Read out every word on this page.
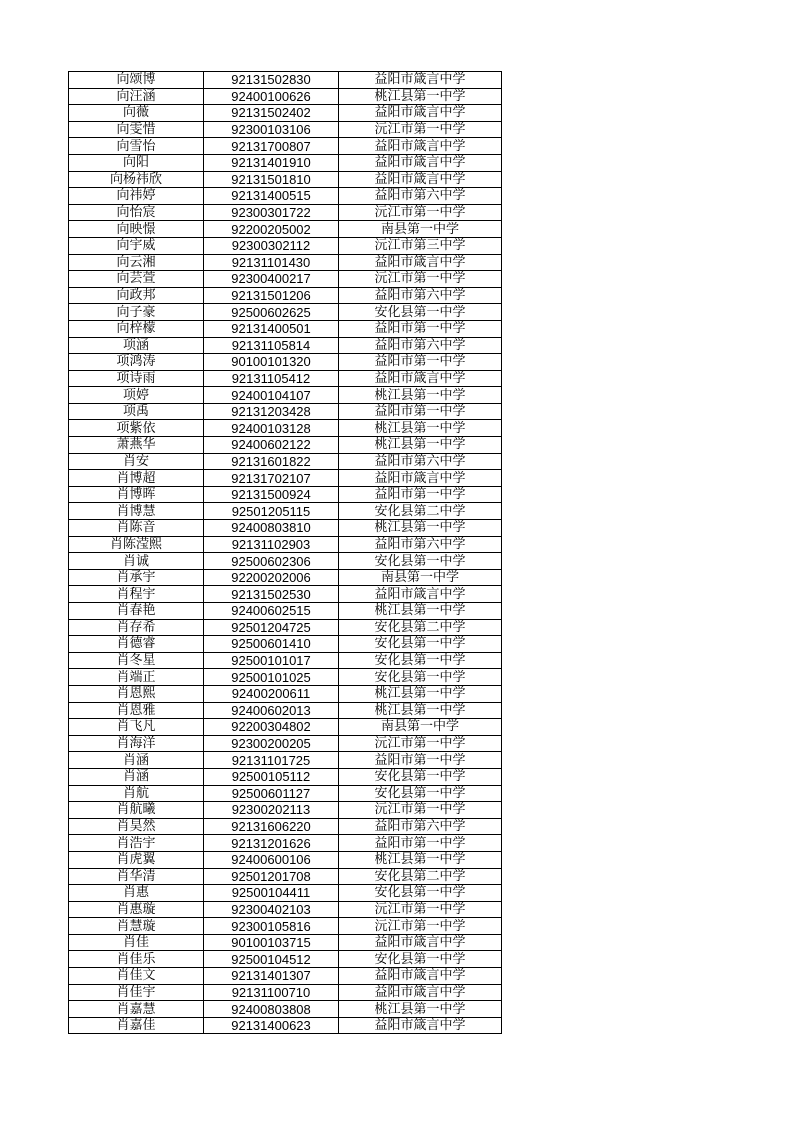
向颂博	92131502830	益阳市箴言中学
向汪涵	92400100626	桃江县第一中学
向薇	92131502402	益阳市箴言中学
向雯惜	92300103106	沅江市第一中学
向雪怡	92131700807	益阳市箴言中学
向阳	92131401910	益阳市箴言中学
向杨祎欣	92131501810	益阳市箴言中学
向祎婷	92131400515	益阳市第六中学
向怡宸	92300301722	沅江市第一中学
向映憬	92200205002	南县第一中学
向宇威	92300302112	沅江市第三中学
向云湘	92131101430	益阳市箴言中学
向芸萱	92300400217	沅江市第一中学
向政邦	92131501206	益阳市第六中学
向子豪	92500602625	安化县第一中学
向梓檬	92131400501	益阳市第一中学
项涵	92131105814	益阳市第六中学
项鸿涛	90100101320	益阳市第一中学
项诗雨	92131105412	益阳市箴言中学
项婷	92400104107	桃江县第一中学
项禹	92131203428	益阳市第一中学
项紫依	92400103128	桃江县第一中学
萧燕华	92400602122	桃江县第一中学
肖安	92131601822	益阳市第六中学
肖博超	92131702107	益阳市箴言中学
肖博晖	92131500924	益阳市第一中学
肖博慧	92501205115	安化县第二中学
肖陈音	92400803810	桃江县第一中学
肖陈滢熙	92131102903	益阳市第六中学
肖诚	92500602306	安化县第一中学
肖承宇	92200202006	南县第一中学
肖程宇	92131502530	益阳市箴言中学
肖春艳	92400602515	桃江县第一中学
肖存希	92501204725	安化县第二中学
肖德睿	92500601410	安化县第一中学
肖冬星	92500101017	安化县第一中学
肖端正	92500101025	安化县第一中学
肖恩熙	92400200611	桃江县第一中学
肖恩雅	92400602013	桃江县第一中学
肖飞凡	92200304802	南县第一中学
肖海洋	92300200205	沅江市第一中学
肖涵	92131101725	益阳市第一中学
肖涵	92500105112	安化县第一中学
肖航	92500601127	安化县第一中学
肖航曦	92300202113	沅江市第一中学
肖昊然	92131606220	益阳市第六中学
肖浩宇	92131201626	益阳市第一中学
肖虎翼	92400600106	桃江县第一中学
肖华清	92501201708	安化县第二中学
肖惠	92500104411	安化县第一中学
肖惠璇	92300402103	沅江市第一中学
肖慧璇	92300105816	沅江市第一中学
肖佳	90100103715	益阳市箴言中学
肖佳乐	92500104512	安化县第一中学
肖佳文	92131401307	益阳市箴言中学
肖佳宇	92131100710	益阳市箴言中学
肖嘉慧	92400803808	桃江县第一中学
肖嘉佳	92131400623	益阳市箴言中学
